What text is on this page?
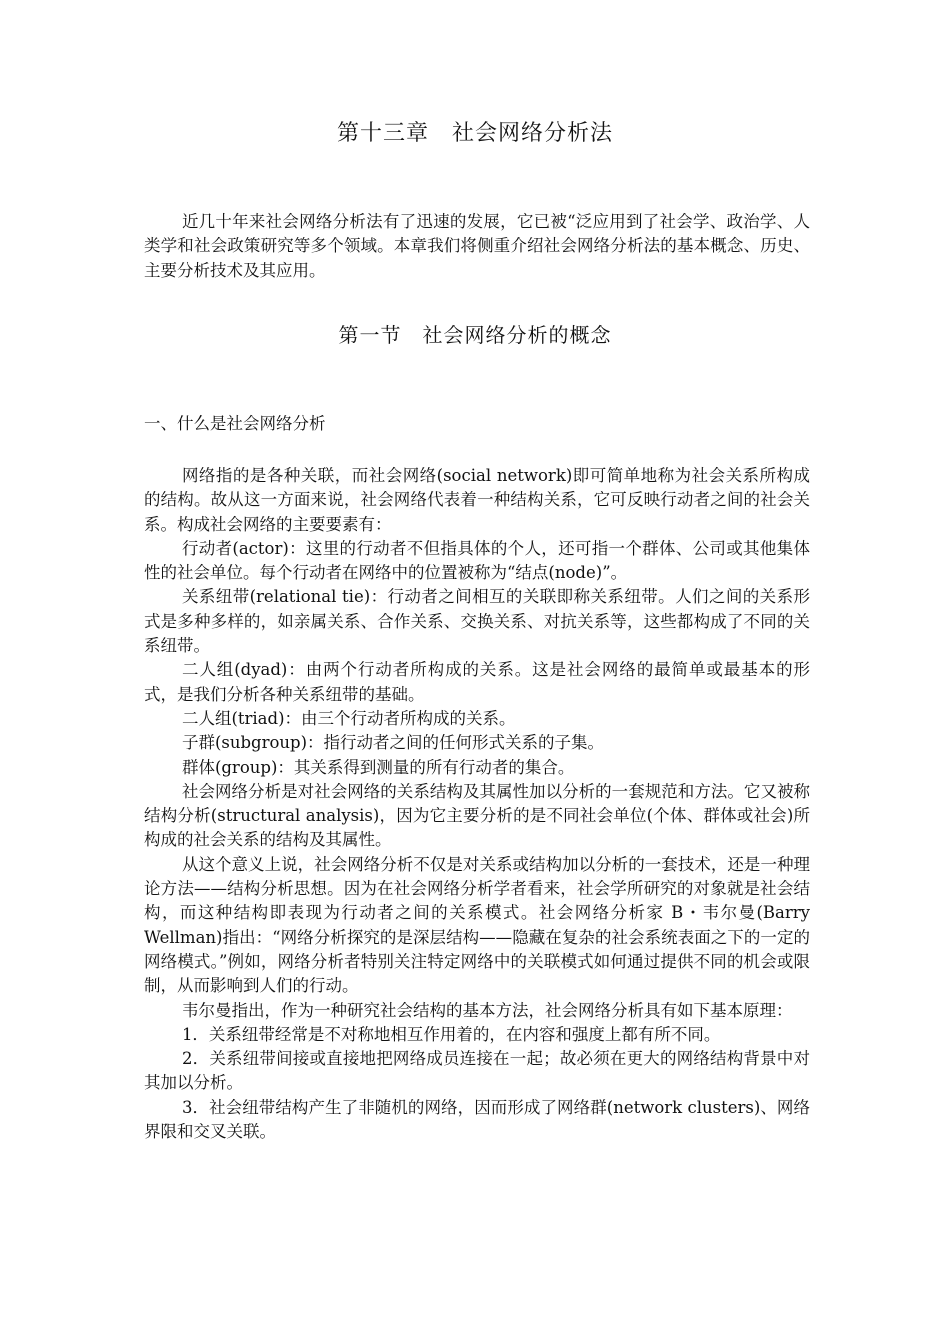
第十三章　社会网络分析法

近几十年来社会网络分析法有了迅速的发展，它已被“泛应用到了社会学、政治学、人类学和社会政策研究等多个领域。本章我们将侧重介绍社会网络分析法的基本概念、历史、主要分析技术及其应用。

第一节　社会网络分析的概念
一、什么是社会网络分析

网络指的是各种关联，而社会网络(social network)即可简单地称为社会关系所构成的结构。故从这一方面来说，社会网络代表着一种结构关系，它可反映行动者之间的社会关系。构成社会网络的主要要素有：

行动者(actor)：这里的行动者不但指具体的个人，还可指一个群体、公司或其他集体性的社会单位。每个行动者在网络中的位置被称为“结点(node)”。

关系纽带(relational tie)：行动者之间相互的关联即称关系纽带。人们之间的关系形式是多种多样的，如亲属关系、合作关系、交换关系、对抗关系等，这些都构成了不同的关系纽带。

二人组(dyad)：由两个行动者所构成的关系。这是社会网络的最简单或最基本的形式，是我们分析各种关系纽带的基础。

二人组(triad)：由三个行动者所构成的关系。

子群(subgroup)：指行动者之间的任何形式关系的子集。

群体(group)：其关系得到测量的所有行动者的集合。

社会网络分析是对社会网络的关系结构及其属性加以分析的一套规范和方法。它又被称结构分析(structural analysis)，因为它主要分析的是不同社会单位(个体、群体或社会)所构成的社会关系的结构及其属性。

从这个意义上说，社会网络分析不仅是对关系或结构加以分析的一套技术，还是一种理论方法——结构分析思想。因为在社会网络分析学者看来，社会学所研究的对象就是社会结构，而这种结构即表现为行动者之间的关系模式。社会网络分析家 B・韦尔曼(Barry Wellman)指出：“网络分析探究的是深层结构——隐藏在复杂的社会系统表面之下的一定的网络模式。”例如，网络分析者特别关注特定网络中的关联模式如何通过提供不同的机会或限制，从而影响到人们的行动。

韦尔曼指出，作为一种研究社会结构的基本方法，社会网络分析具有如下基本原理：

1．关系纽带经常是不对称地相互作用着的，在内容和强度上都有所不同。

2．关系纽带间接或直接地把网络成员连接在一起；故必须在更大的网络结构背景中对其加以分析。

3．社会纽带结构产生了非随机的网络，因而形成了网络群(network clusters)、网络界限和交叉关联。
